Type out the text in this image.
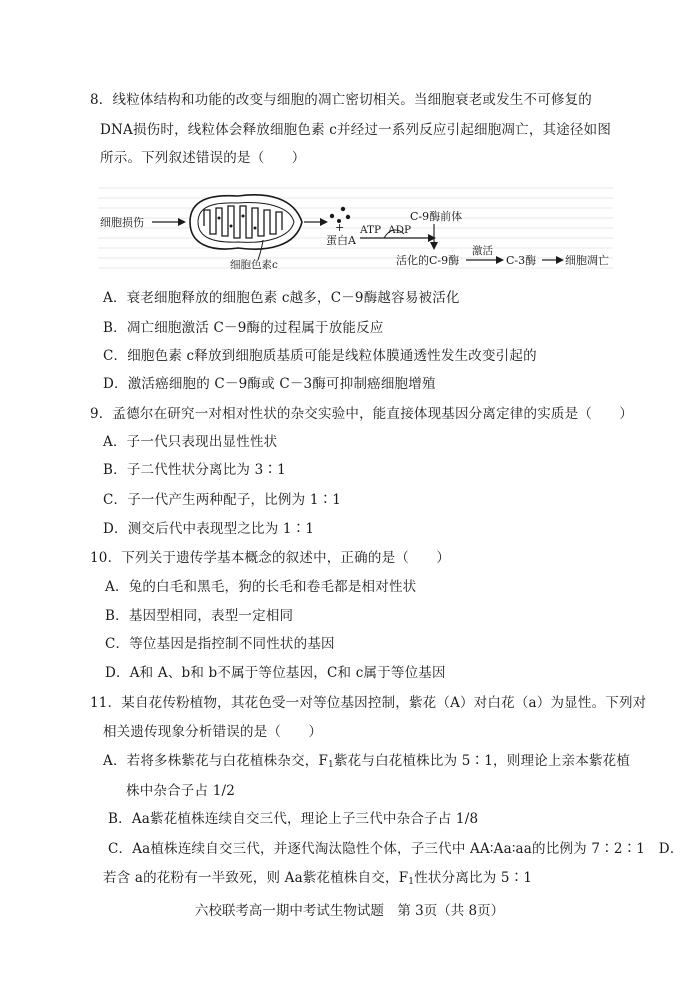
8．线粒体结构和功能的改变与细胞的凋亡密切相关。当细胞衰老或发生不可修复的
DNA损伤时，线粒体会释放细胞色素 c并经过一系列反应引起细胞凋亡，其途径如图
所示。下列叙述错误的是（　　）
细胞损伤
细胞色素c
+
蛋白A
ATP ADP
C-9酶前体
活化的C-9酶
激活
C-3酶	细胞凋亡
A．衰老细胞释放的细胞色素 c越多，C－9酶越容易被活化
B．凋亡细胞激活 C－9酶的过程属于放能反应
C．细胞色素 c释放到细胞质基质可能是线粒体膜通透性发生改变引起的
D．激活癌细胞的 C－9酶或 C－3酶可抑制癌细胞增殖
9．孟德尔在研究一对相对性状的杂交实验中，能直接体现基因分离定律的实质是（　　）
A．子一代只表现出显性性状
B．子二代性状分离比为 3∶1
C．子一代产生两种配子，比例为 1∶1
D．测交后代中表现型之比为 1∶1
10．下列关于遗传学基本概念的叙述中，正确的是（　　）
A．兔的白毛和黑毛，狗的长毛和卷毛都是相对性状
B．基因型相同，表型一定相同
C．等位基因是指控制不同性状的基因
D．A和 A、b和 b不属于等位基因，C和 c属于等位基因
11．某自花传粉植物，其花色受一对等位基因控制，紫花（A）对白花（a）为显性。下列对
相关遗传现象分析错误的是（　　）
A．若将多株紫花与白花植株杂交，$F_1$紫花与白花植株比为 5∶1，则理论上亲本紫花植
株中杂合子占 1/2
B．Aa紫花植株连续自交三代，理论上子三代中杂合子占 1/8
C．Aa植株连续自交三代，并逐代淘汰隐性个体，子三代中 AA∶Aa∶aa的比例为 7∶2∶1　D．
若含 a的花粉有一半致死，则 Aa紫花植株自交，$F_1$性状分离比为 5∶1
六校联考高一期中考试生物试题　第 3页（共 8页）
